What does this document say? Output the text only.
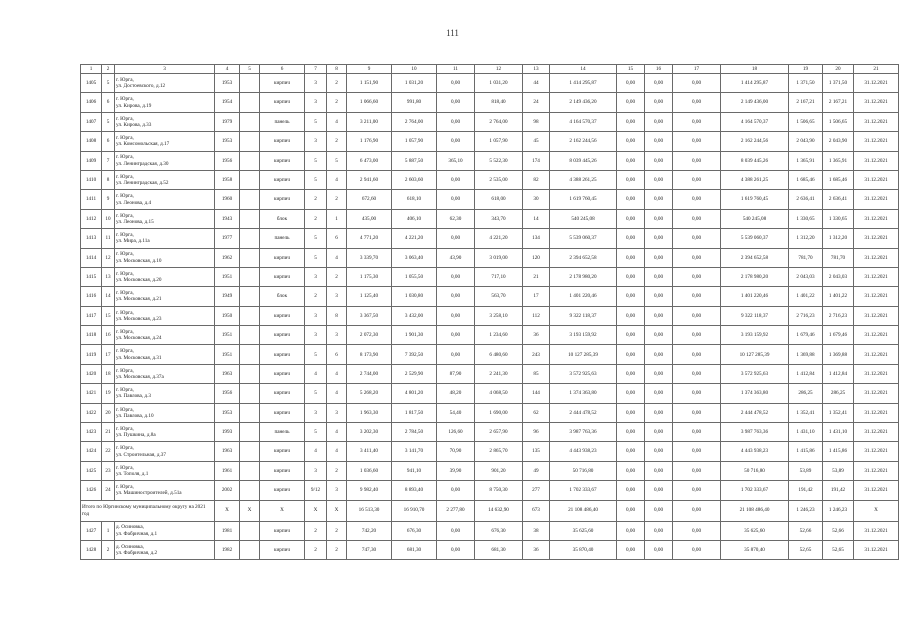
111
1	2	3	4	5	6	7	8	9	10	11	12	13	14	15	16	17	18	19	20	21
1405	5	г. Юрга,
ул. Достоевского, д.12	1953		кирпич	3	2	1 151,90	1 031,20	0,00	1 031,20	44	1 414 295,87	0,00	0,00	0,00	1 414 295,87	1 371,50	1 371,50	31.12.2021
1406	6	г. Юрга,
ул. Кирова, д.19	1954		кирпич	3	2	1 066,60	991,80	0,00	818,40	24	2 149 436,20	0,00	0,00	0,00	2 149 436,00	2 167,21	2 167,21	31.12.2021
1407	5	г. Юрга,
ул. Кирова, д.33	1979		панель	5	4	3 211,00	2 764,00	0,00	2 764,00	98	4 164 570,37	0,00	0,00	0,00	4 164 570,37	1 506,65	1 506,65	31.12.2021
1408	6	г. Юрга,
ул. Комсомольская, д.17	1953		кирпич	3	2	1 176,90	1 057,90	0,00	1 057,90	45	2 162 244,56	0,00	0,00	0,00	2 162 244,56	2 043,90	2 043,90	31.12.2021
1409	7	г. Юрга,
ул. Ленинградская, д.30	1956		кирпич	5	5	6 473,00	5 887,50	365,10	5 522,30	174	8 039 445,26	0,00	0,00	0,00	8 039 445,26	1 365,91	1 365,91	31.12.2021
1410	8	г. Юрга,
ул. Ленинградская, д.52	1958		кирпич	5	4	2 941,60	2 603,60	0,00	2 535,00	82	4 388 261,25	0,00	0,00	0,00	4 388 261,25	1 685,46	1 685,46	31.12.2021
1411	9	г. Юрга,
ул. Леонова, д.4	1960		кирпич	2	2	672,60	618,10	0,00	618,00	30	1 619 760,45	0,00	0,00	0,00	1 619 760,45	2 636,41	2 636,41	31.12.2021
1412	10	г. Юрга,
ул. Леонова, д.15	1943		блок	2	1	435,00	406,10	62,30	343,70	14	540 245,08	0,00	0,00	0,00	540 245,08	1 330,65	1 330,65	31.12.2021
1413	11	г. Юрга,
ул. Мира, д.11а	1977		панель	5	6	4 771,20	4 221,20	0,00	4 221,20	134	5 539 060,37	0,00	0,00	0,00	5 539 060,37	1 312,20	1 312,20	31.12.2021
1414	12	г. Юрга,
ул. Московская, д.10	1962		кирпич	5	4	3 339,70	3 063,40	43,90	3 019,00	120	2 394 652,58	0,00	0,00	0,00	2 394 652,58	781,70	781,70	31.12.2021
1415	13	г. Юрга,
ул. Московская, д.20	1951		кирпич	3	2	1 175,30	1 055,50	0,00	717,10	21	2 178 980,20	0,00	0,00	0,00	2 178 980,20	2 043,03	2 043,03	31.12.2021
1416	14	г. Юрга,
ул. Московская, д.21	1949		блок	2	3	1 125,40	1 030,80	0,00	563,70	17	1 401 220,46	0,00	0,00	0,00	1 401 220,46	1 401,22	1 401,22	31.12.2021
1417	15	г. Юрга,
ул. Московская, д.23	1950		кирпич	3	8	3 367,50	3 432,00	0,00	3 258,10	112	9 322 118,37	0,00	0,00	0,00	9 322 118,37	2 716,23	2 716,23	31.12.2021
1418	16	г. Юрга,
ул. Московская, д.24	1951		кирпич	3	3	2 072,30	1 901,30	0,00	1 234,60	36	3 193 159,92	0,00	0,00	0,00	3 193 159,92	1 679,46	1 679,46	31.12.2021
1419	17	г. Юрга,
ул. Московская, д.31	1951		кирпич	5	6	8 173,90	7 392,50	0,00	6 480,60	243	10 127 285,39	0,00	0,00	0,00	10 127 285,39	1 369,88	1 369,88	31.12.2021
1420	18	г. Юрга,
ул. Московская, д.37а	1963		кирпич	4	4	2 744,00	2 529,90	87,90	2 241,30	85	3 572 925,63	0,00	0,00	0,00	3 572 925,63	1 412,84	1 412,84	31.12.2021
1421	19	г. Юрга,
ул. Павлова, д.3	1956		кирпич	5	4	5 268,20	4 801,20	48,20	4 068,50	144	1 374 363,80	0,00	0,00	0,00	1 374 363,80	286,25	286,25	31.12.2021
1422	20	г. Юрга,
ул. Павлова, д.10	1953		кирпич	3	3	1 963,30	1 817,50	54,40	1 690,00	62	2 444 478,52	0,00	0,00	0,00	2 444 478,52	1 352,41	1 352,41	31.12.2021
1423	21	г. Юрга,
ул. Пушкина, д.8а	1993		панель	5	4	3 202,30	2 784,50	126,60	2 657,90	96	3 987 763,36	0,00	0,00	0,00	3 987 763,36	1 431,10	1 431,10	31.12.2021
1424	22	г. Юрга,
ул. Строительная, д.37	1963		кирпич	4	4	3 411,40	3 141,70	70,90	2 865,70	135	4 443 938,23	0,00	0,00	0,00	4 443 938,23	1 415,86	1 415,86	31.12.2021
1425	23	г. Юрга,
ул. Тополя, д.1	1961		кирпич	3	2	1 036,60	941,10	39,90	901,20	49	50 716,80	0,00	0,00	0,00	50 716,80	53,89	53,89	31.12.2021
1426	24	г. Юрга,
ул. Машиностроителей, д.51а	2002		кирпич	9/12	3	9 982,40	8 893,40	0,00	8 750,30	277	1 702 333,67	0,00	0,00	0,00	1 702 333,67	191,42	191,42	31.12.2021
Итого по Юргинскому муниципальному округу на 2021 год			Х	Х	Х	Х	Х	16 513,30	16 910,70	2 277,80	14 632,90	673	21 108 486,40	0,00	0,00	0,00	21 108 486,40	1 246,23	1 246,23	Х
1427	1	д. Осиновка,
ул. Фабричная, д.1	1981		кирпич	2	2	742,20	676,30	0,00	676,30	38	35 625,60	0,00	0,00	0,00	35 625,60	52,66	52,66	31.12.2021
1428	2	д. Осиновка,
ул. Фабричная, д.2	1982		кирпич	2	2	747,30	681,30	0,00	681,30	36	35 870,40	0,00	0,00	0,00	35 870,40	52,65	52,65	31.12.2021
